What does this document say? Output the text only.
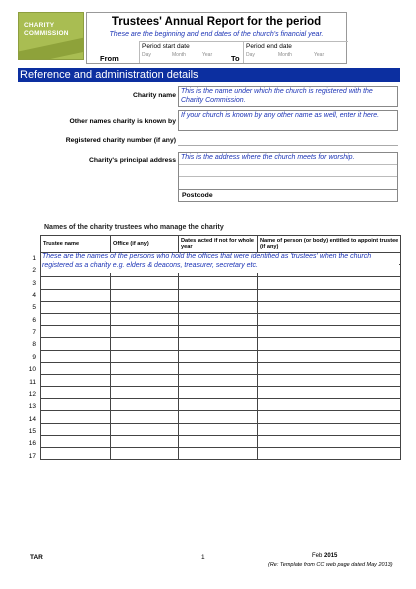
CHARITY
COMMISSION
Trustees' Annual Report for the period
These are the beginning and end dates of the church's financial year.
Period start date
Day	Month	Year
Period end date
Day	Month	Year
From	To
Reference and administration details
Charity name
This is the name under which the church is registered with the Charity Commission.
Other names charity is known by
If your church is known by any other name as well, enter it here.
Registered charity number (if any)
Charity's principal address This is the address where the church meets for worship.
Postcode
Names of the charity trustees who manage the charity
Trustee name	Office (if any)	Dates acted if not for whole year	Name of person (or body) entitled to appoint trustee (if any)

These are the names of the persons who hold the offices that were identified as 'trustees' when the church registered as a charity e.g. elders & deacons, treasurer, secretary etc.
1
2
3
4
5
6
7
8
9
10
11
12
13
14
15
16
17
TAR	1	Feb 2015
(Re: Template from CC web page dated May 2013)
